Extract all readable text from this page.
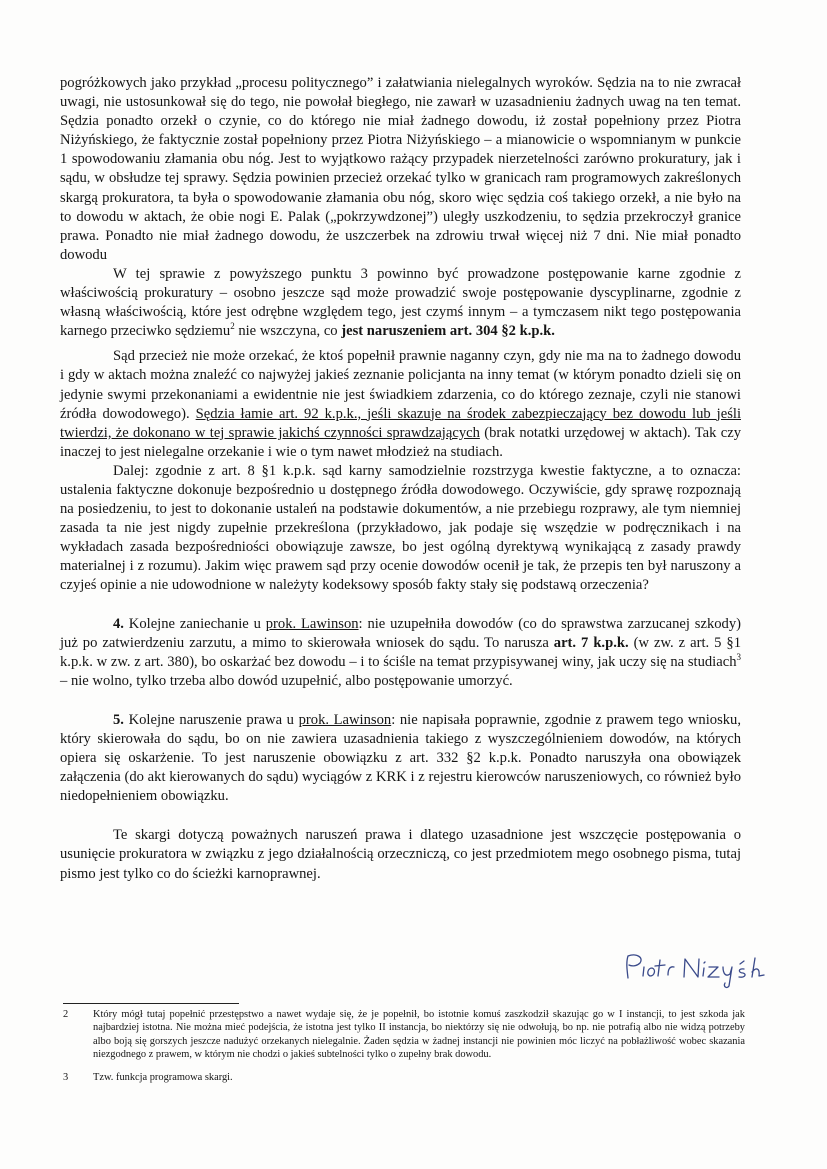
pogróżkowych jako przykład „procesu politycznego” i załatwiania nielegalnych wyroków. Sędzia na to nie zwracał uwagi, nie ustosunkował się do tego, nie powołał biegłego, nie zawarł w uzasadnieniu żadnych uwag na ten temat. Sędzia ponadto orzekł o czynie, co do którego nie miał żadnego dowodu, iż został popełniony przez Piotra Niżyńskiego, że faktycznie został popełniony przez Piotra Niżyńskiego – a mianowicie o wspomnianym w punkcie 1 spowodowaniu złamania obu nóg. Jest to wyjątkowo rażący przypadek nierzetelności zarówno prokuratury, jak i sądu, w obsłudze tej sprawy. Sędzia powinien przecież orzekać tylko w granicach ram programowych zakreślonych skargą prokuratora, ta była o spowodowanie złamania obu nóg, skoro więc sędzia coś takiego orzekł, a nie było na to dowodu w aktach, że obie nogi E. Palak („pokrzywdzonej”) uległy uszkodzeniu, to sędzia przekroczył granice prawa. Ponadto nie miał żadnego dowodu, że uszczerbek na zdrowiu trwał więcej niż 7 dni. Nie miał ponadto dowodu

W tej sprawie z powyższego punktu 3 powinno być prowadzone postępowanie karne zgodnie z właściwością prokuratury – osobno jeszcze sąd może prowadzić swoje postępowanie dyscyplinarne, zgodnie z własną właściwością, które jest odrębne względem tego, jest czymś innym – a tymczasem nikt tego postępowania karnego przeciwko sędziemu$^2$ nie wszczyna, co jest naruszeniem art. 304 §2 k.p.k.

Sąd przecież nie może orzekać, że ktoś popełnił prawnie naganny czyn, gdy nie ma na to żadnego dowodu i gdy w aktach można znaleźć co najwyżej jakieś zeznanie policjanta na inny temat (w którym ponadto dzieli się on jedynie swymi przekonaniami a ewidentnie nie jest świadkiem zdarzenia, co do którego zeznaje, czyli nie stanowi źródła dowodowego). Sędzia łamie art. 92 k.p.k., jeśli skazuje na środek zabezpieczający bez dowodu lub jeśli twierdzi, że dokonano w tej sprawie jakichś czynności sprawdzających (brak notatki urzędowej w aktach). Tak czy inaczej to jest nielegalne orzekanie i wie o tym nawet młodzież na studiach.

Dalej: zgodnie z art. 8 §1 k.p.k. sąd karny samodzielnie rozstrzyga kwestie faktyczne, a to oznacza: ustalenia faktyczne dokonuje bezpośrednio u dostępnego źródła dowodowego. Oczywiście, gdy sprawę rozpoznają na posiedzeniu, to jest to dokonanie ustaleń na podstawie dokumentów, a nie przebiegu rozprawy, ale tym niemniej zasada ta nie jest nigdy zupełnie przekreślona (przykładowo, jak podaje się wszędzie w podręcznikach i na wykładach zasada bezpośredniości obowiązuje zawsze, bo jest ogólną dyrektywą wynikającą z zasady prawdy materialnej i z rozumu). Jakim więc prawem sąd przy ocenie dowodów ocenił je tak, że przepis ten był naruszony a czyjeś opinie a nie udowodnione w należyty kodeksowy sposób fakty stały się podstawą orzeczenia?

4. Kolejne zaniechanie u prok. Lawinson: nie uzupełniła dowodów (co do sprawstwa zarzucanej szkody) już po zatwierdzeniu zarzutu, a mimo to skierowała wniosek do sądu. To narusza art. 7 k.p.k. (w zw. z art. 5 §1 k.p.k. w zw. z art. 380), bo oskarżać bez dowodu – i to ściśle na temat przypisywanej winy, jak uczy się na studiach$^3$ – nie wolno, tylko trzeba albo dowód uzupełnić, albo postępowanie umorzyć.

5. Kolejne naruszenie prawa u prok. Lawinson: nie napisała poprawnie, zgodnie z prawem tego wniosku, który skierowała do sądu, bo on nie zawiera uzasadnienia takiego z wyszczególnieniem dowodów, na których opiera się oskarżenie. To jest naruszenie obowiązku z art. 332 §2 k.p.k. Ponadto naruszyła ona obowiązek załączenia (do akt kierowanych do sądu) wyciągów z KRK i z rejestru kierowców naruszeniowych, co również było niedopełnieniem obowiązku.

Te skargi dotyczą poważnych naruszeń prawa i dlatego uzasadnione jest wszczęcie postępowania o usunięcie prokuratora w związku z jego działalnością orzeczniczą, co jest przedmiotem mego osobnego pisma, tutaj pismo jest tylko co do ścieżki karnoprawnej.

2	Który mógł tutaj popełnić przestępstwo a nawet wydaje się, że je popełnił, bo istotnie komuś zaszkodził skazując go w I instancji, to jest szkoda jak najbardziej istotna. Nie można mieć podejścia, że istotna jest tylko II instancja, bo niektórzy się nie odwołują, bo np. nie potrafią albo nie widzą potrzeby albo boją się gorszych jeszcze nadużyć orzekanych nielegalnie. Żaden sędzia w żadnej instancji nie powinien móc liczyć na pobłażliwość wobec skazania niezgodnego z prawem, w którym nie chodzi o jakieś subtelności tylko o zupełny brak dowodu.
3	Tzw. funkcja programowa skargi.
